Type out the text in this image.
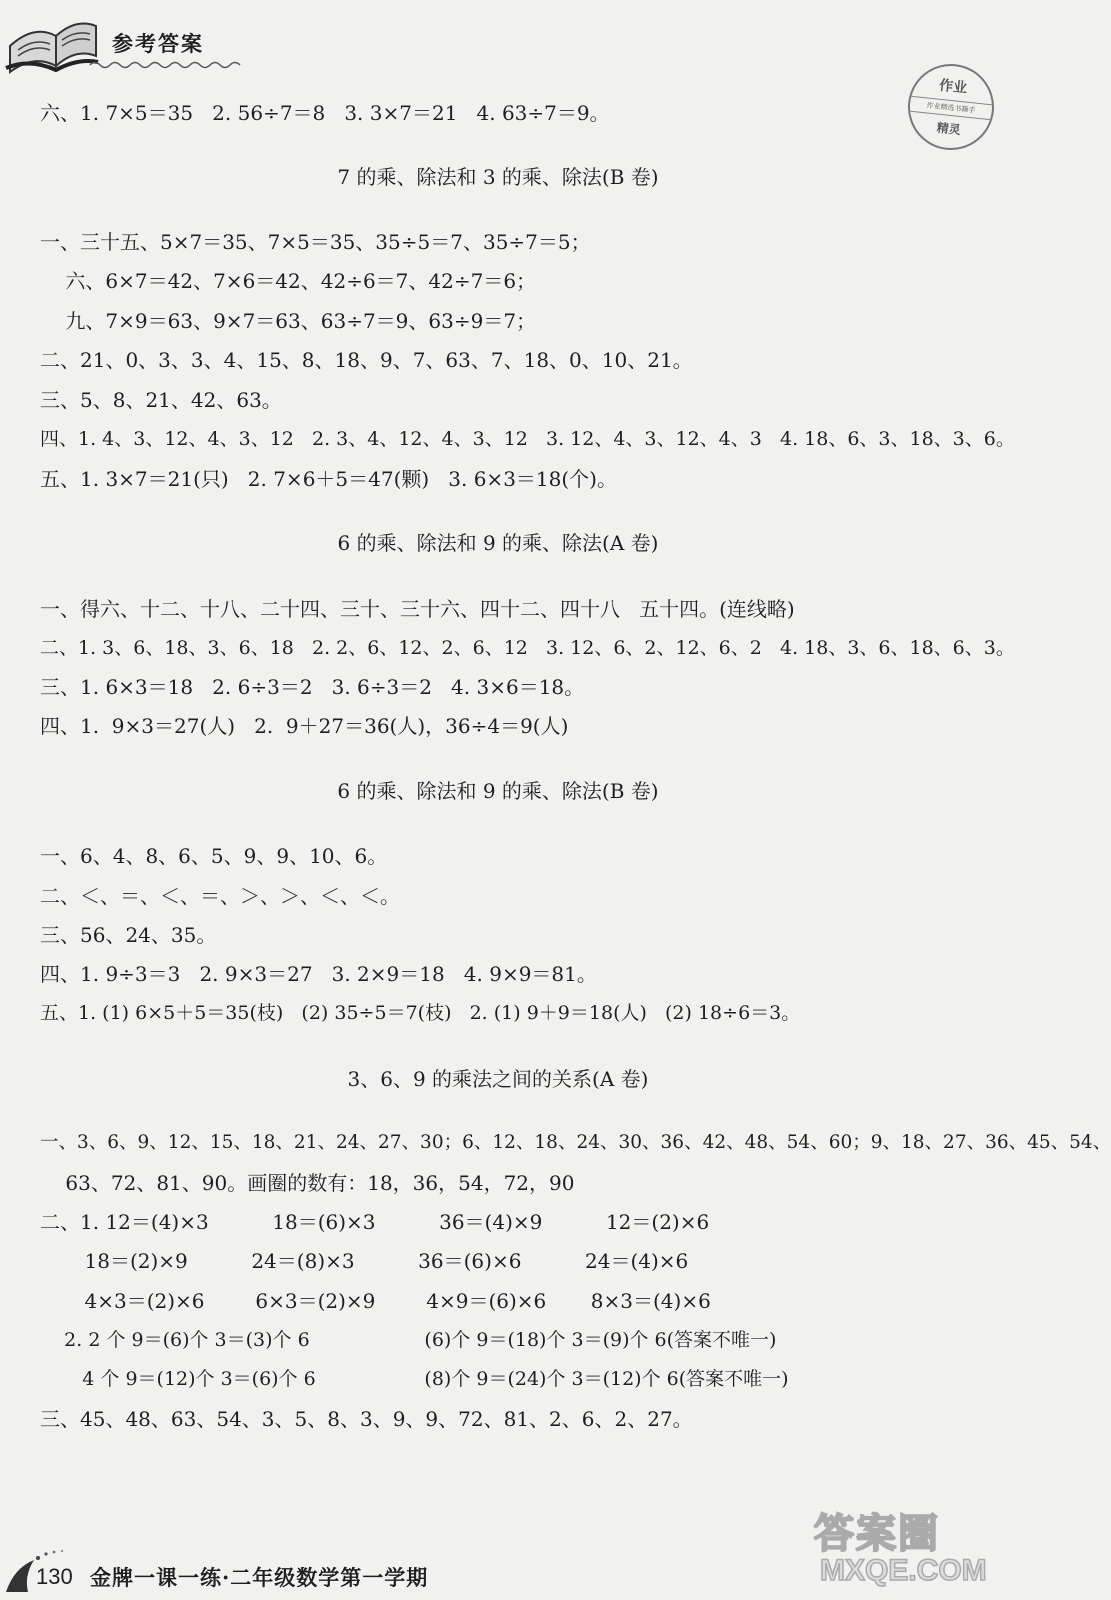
参考答案
作业
作业精选书籍手
精灵
六、1. 7×5＝35   2. 56÷7＝8   3. 3×7＝21   4. 63÷7＝9。
7 的乘、除法和 3 的乘、除法(B 卷)
一、三十五、5×7＝35、7×5＝35、35÷5＝7、35÷7＝5；
六、6×7＝42、7×6＝42、42÷6＝7、42÷7＝6；
九、7×9＝63、9×7＝63、63÷7＝9、63÷9＝7；
二、21、0、3、3、4、15、8、18、9、7、63、7、18、0、10、21。
三、5、8、21、42、63。
四、1. 4、3、12、4、3、12   2. 3、4、12、4、3、12   3. 12、4、3、12、4、3   4. 18、6、3、18、3、6。
五、1. 3×7＝21(只)   2. 7×6＋5＝47(颗)   3. 6×3＝18(个)。
6 的乘、除法和 9 的乘、除法(A 卷)
一、得六、十二、十八、二十四、三十、三十六、四十二、四十八   五十四。(连线略)
二、1. 3、6、18、3、6、18   2. 2、6、12、2、6、12   3. 12、6、2、12、6、2   4. 18、3、6、18、6、3。
三、1. 6×3＝18   2. 6÷3＝2   3. 6÷3＝2   4. 3×6＝18。
四、1.  9×3＝27(人)   2.  9＋27＝36(人)，36÷4＝9(人)
6 的乘、除法和 9 的乘、除法(B 卷)
一、6、4、8、6、5、9、9、10、6。
二、＜、＝、＜、＝、＞、＞、＜、＜。
三、56、24、35。
四、1. 9÷3＝3   2. 9×3＝27   3. 2×9＝18   4. 9×9＝81。
五、1. (1) 6×5＋5＝35(枝)   (2) 35÷5＝7(枝)   2. (1) 9＋9＝18(人)   (2) 18÷6＝3。
3、6、9 的乘法之间的关系(A 卷)
一、3、6、9、12、15、18、21、24、27、30；6、12、18、24、30、36、42、48、54、60；9、18、27、36、45、54、
63、72、81、90。画圈的数有：18，36，54，72，90
二、1. 12＝(4)×3          18＝(6)×3          36＝(4)×9          12＝(2)×6
18＝(2)×9          24＝(8)×3          36＝(6)×6          24＝(4)×6
4×3＝(2)×6        6×3＝(2)×9        4×9＝(6)×6       8×3＝(4)×6
2. 2 个 9＝(6)个 3＝(3)个 6                   (6)个 9＝(18)个 3＝(9)个 6(答案不唯一)
4 个 9＝(12)个 3＝(6)个 6                  (8)个 9＝(24)个 3＝(12)个 6(答案不唯一)
三、45、48、63、54、3、5、8、3、9、9、72、81、2、6、2、27。
130 金牌一课一练·二年级数学第一学期
答案圈
MXQE.COM
